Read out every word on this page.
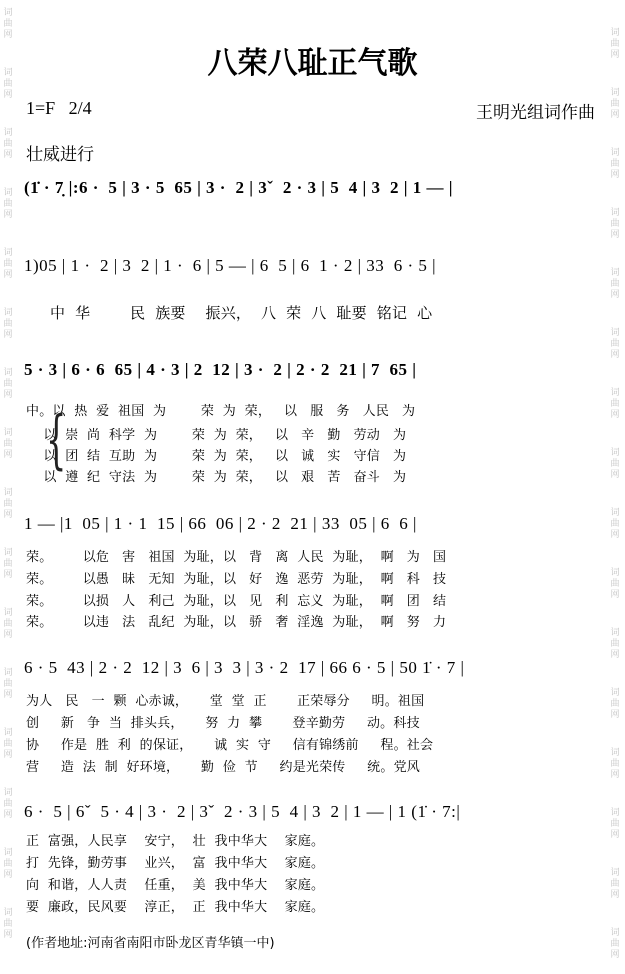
词
曲
网
词
曲
网
词
曲
网
词
曲
网
词
曲
网
词
曲
网
词
曲
网
词
曲
网
词
曲
网
词
曲
网
词
曲
网
词
曲
网
词
曲
网
词
曲
网
词
曲
网
词
曲
网
词
曲
网
词
曲
网
词
曲
网
词
曲
网
词
曲
网
词
曲
网
词
曲
网
词
曲
网
词
曲
网
词
曲
网
词
曲
网
词
曲
网
词
曲
网
词
曲
网
词
曲
网
词
曲
网
八荣八耻正气歌
1=F   2/4	王明光组词作曲
壮威进行
(1̇ · 7̣ |:6 ·  5 | 3 · 5  65 | 3 ·  2 | 3ˇ  2 · 3 | 5  4 | 3  2 | 1 — |
1)05 | 1 ·  2 | 3  2 | 1 ·  6 | 5 — | 6  5 | 6  1 · 2 | 33  6 · 5 |
中  华        民  族要    振兴，  八  荣  八  耻要  铭记  心
5 · 3 | 6 · 6  65 | 4 · 3 | 2  12 | 3 ·  2 | 2 · 2  21 | 7  65 |
中。以  热  爱  祖国  为        荣  为  荣，   以   服   务   人民   为
以  崇  尚  科学  为        荣  为  荣，   以   辛   勤   劳动   为
以  团  结  互助  为        荣  为  荣，   以   诚   实   守信   为
以  遵  纪  守法  为        荣  为  荣，   以   艰   苦   奋斗   为
{
1 — |1  05 | 1 · 1  15 | 66  06 | 2 · 2  21 | 33  05 | 6  6 |
荣。       以危   害   祖国  为耻，以   背   离  人民  为耻，  啊   为   国
荣。       以愚   昧   无知  为耻，以   好   逸  恶劳  为耻，  啊   科   技
荣。       以损   人   利己  为耻，以   见   利  忘义  为耻，  啊   团   结
荣。       以违   法   乱纪  为耻，以   骄   奢  淫逸  为耻，  啊   努   力
6 · 5  43 | 2 · 2  12 | 3  6 | 3  3 | 3 · 2  17 | 66 6 · 5 | 50 1̇ · 7 |
为人   民   一  颗  心赤诚，     堂  堂  正       正荣辱分     明。祖国
创     新   争  当  排头兵，     努  力  攀       登辛勤劳     动。科技
协     作是  胜  利  的保证，     诚  实  守     信有锦绣前     程。社会
营     造  法  制  好环境，     勤  俭  节     约是光荣传     统。党风
6 ·  5 | 6ˇ  5 · 4 | 3 ·  2 | 3ˇ  2 · 3 | 5  4 | 3  2 | 1 — | 1 (1̇ · 7:|
正  富强，人民享    安宁，  壮  我中华大    家庭。
打  先锋，勤劳事    业兴，  富  我中华大    家庭。
向  和谐，人人责    任重，  美  我中华大    家庭。
要  廉政，民风要    淳正，  正  我中华大    家庭。
(作者地址:河南省南阳市卧龙区青华镇一中)
